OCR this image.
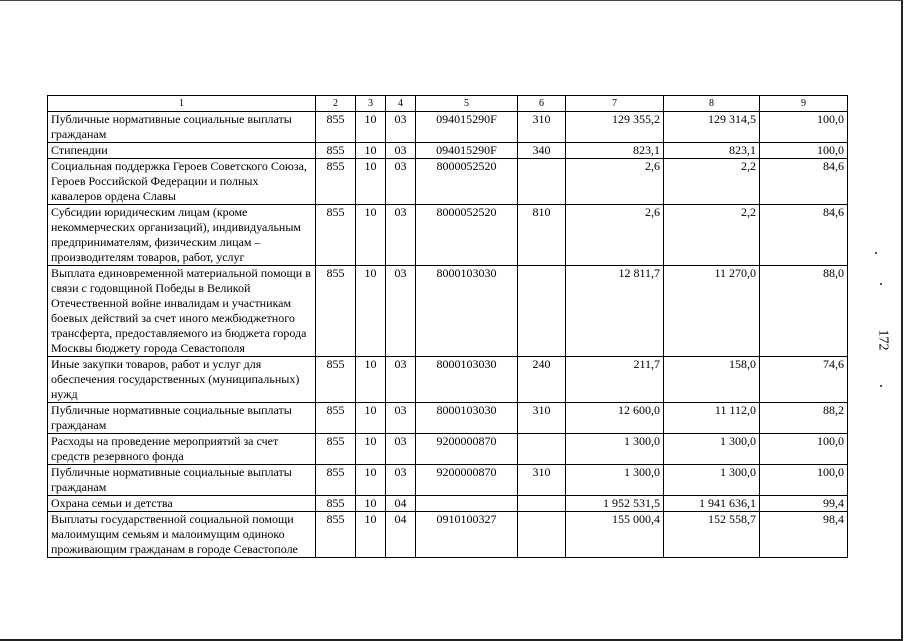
172
1	2	3	4	5	6	7	8	9
Публичные нормативные социальные выплаты гражданам	855	10	03	094015290F	310	129 355,2	129 314,5	100,0
Стипендии	855	10	03	094015290F	340	823,1	823,1	100,0
Социальная поддержка Героев Советского Союза, Героев Российской Федерации и полных кавалеров ордена Славы	855	10	03	8000052520		2,6	2,2	84,6
Субсидии юридическим лицам (кроме некоммерческих организаций), индивидуальным предпринимателям, физическим лицам – производителям товаров, работ, услуг	855	10	03	8000052520	810	2,6	2,2	84,6
Выплата единовременной материальной помощи в связи с годовщиной Победы в Великой Отечественной войне инвалидам и участникам боевых действий за счет иного межбюджетного трансферта, предоставляемого из бюджета города Москвы бюджету города Севастополя	855	10	03	8000103030		12 811,7	11 270,0	88,0
Иные закупки товаров, работ и услуг для обеспечения государственных (муниципальных) нужд	855	10	03	8000103030	240	211,7	158,0	74,6
Публичные нормативные социальные выплаты гражданам	855	10	03	8000103030	310	12 600,0	11 112,0	88,2
Расходы на проведение мероприятий за счет средств резервного фонда	855	10	03	9200000870		1 300,0	1 300,0	100,0
Публичные нормативные социальные выплаты гражданам	855	10	03	9200000870	310	1 300,0	1 300,0	100,0
Охрана семьи и детства	855	10	04			1 952 531,5	1 941 636,1	99,4
Выплаты государственной социальной помощи малоимущим семьям и малоимущим одиноко проживающим гражданам в городе Севастополе	855	10	04	0910100327		155 000,4	152 558,7	98,4
